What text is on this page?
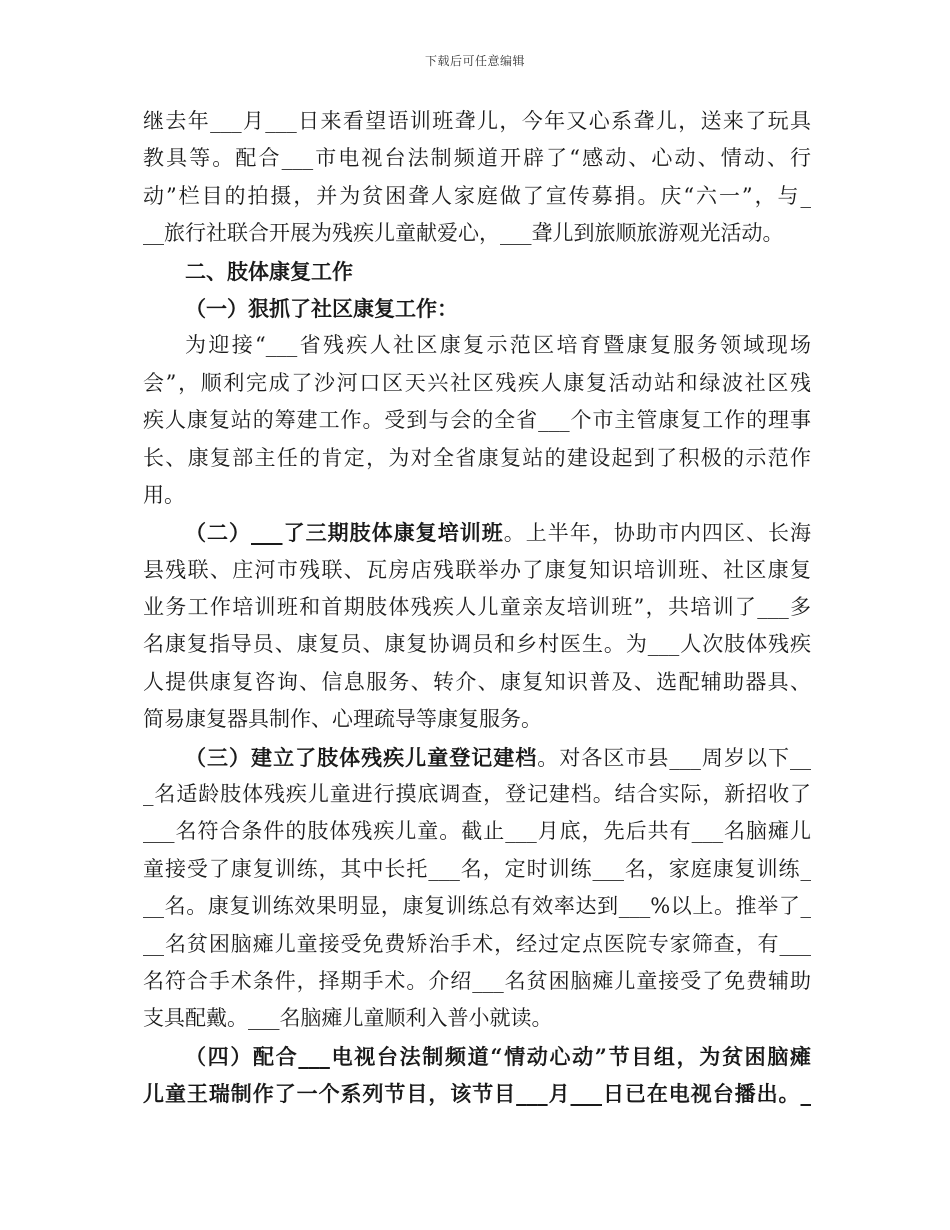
下载后可任意编辑
继去年___月___日来看望语训班聋儿，今年又心系聋儿，送来了玩具
教具等。配合___市电视台法制频道开辟了“感动、心动、情动、行
动”栏目的拍摄，并为贫困聋人家庭做了宣传募捐。庆“六一”，与_
__旅行社联合开展为残疾儿童献爱心，___聋儿到旅顺旅游观光活动。
二、肢体康复工作
（一）狠抓了社区康复工作：
为迎接“___省残疾人社区康复示范区培育暨康复服务领域现场
会”，顺利完成了沙河口区天兴社区残疾人康复活动站和绿波社区残
疾人康复站的筹建工作。受到与会的全省___个市主管康复工作的理事
长、康复部主任的肯定，为对全省康复站的建设起到了积极的示范作
用。
（二）___了三期肢体康复培训班。上半年，协助市内四区、长海
县残联、庄河市残联、瓦房店残联举办了康复知识培训班、社区康复
业务工作培训班和首期肢体残疾人儿童亲友培训班”，共培训了___多
名康复指导员、康复员、康复协调员和乡村医生。为___人次肢体残疾
人提供康复咨询、信息服务、转介、康复知识普及、选配辅助器具、
简易康复器具制作、心理疏导等康复服务。
（三）建立了肢体残疾儿童登记建档。对各区市县___周岁以下__
_名适龄肢体残疾儿童进行摸底调查，登记建档。结合实际，新招收了
___名符合条件的肢体残疾儿童。截止___月底，先后共有___名脑瘫儿
童接受了康复训练，其中长托___名，定时训练___名，家庭康复训练_
__名。康复训练效果明显，康复训练总有效率达到___%以上。推举了_
__名贫困脑瘫儿童接受免费矫治手术，经过定点医院专家筛查，有___
名符合手术条件，择期手术。介绍___名贫困脑瘫儿童接受了免费辅助
支具配戴。___名脑瘫儿童顺利入普小就读。
（四）配合___电视台法制频道“情动心动”节目组，为贫困脑瘫
儿童王瑞制作了一个系列节目，该节目___月___日已在电视台播出。_
